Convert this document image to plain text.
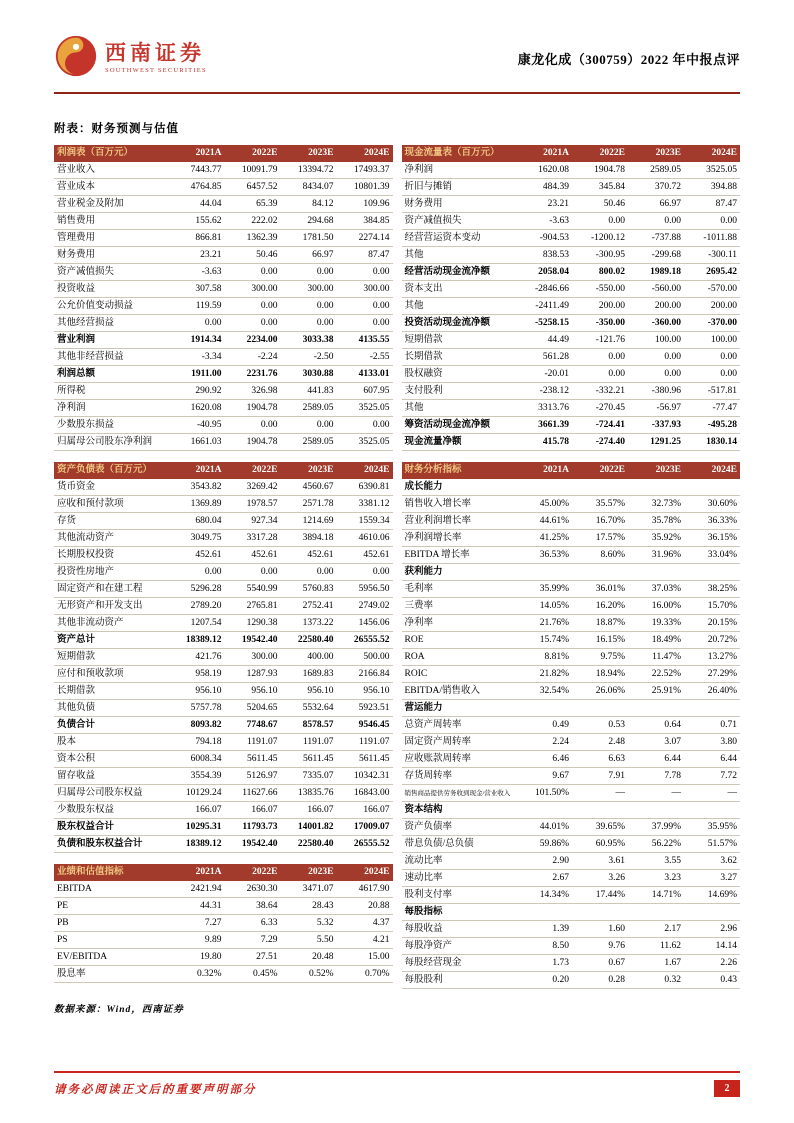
西南证券
SOUTHWEST SECURITIES
康龙化成（300759）2022 年中报点评
附表：财务预测与估值
利润表（百万元）	2021A	2022E	2023E	2024E
营业收入	7443.77	10091.79	13394.72	17493.37
营业成本	4764.85	6457.52	8434.07	10801.39
营业税金及附加	44.04	65.39	84.12	109.96
销售费用	155.62	222.02	294.68	384.85
管理费用	866.81	1362.39	1781.50	2274.14
财务费用	23.21	50.46	66.97	87.47
资产减值损失	-3.63	0.00	0.00	0.00
投资收益	307.58	300.00	300.00	300.00
公允价值变动损益	119.59	0.00	0.00	0.00
其他经营损益	0.00	0.00	0.00	0.00
营业利润	1914.34	2234.00	3033.38	4135.55
其他非经营损益	-3.34	-2.24	-2.50	-2.55
利润总额	1911.00	2231.76	3030.88	4133.01
所得税	290.92	326.98	441.83	607.95
净利润	1620.08	1904.78	2589.05	3525.05
少数股东损益	-40.95	0.00	0.00	0.00
归属母公司股东净利润	1661.03	1904.78	2589.05	3525.05
资产负债表（百万元）	2021A	2022E	2023E	2024E
货币资金	3543.82	3269.42	4560.67	6390.81
应收和预付款项	1369.89	1978.57	2571.78	3381.12
存货	680.04	927.34	1214.69	1559.34
其他流动资产	3049.75	3317.28	3894.18	4610.06
长期股权投资	452.61	452.61	452.61	452.61
投资性房地产	0.00	0.00	0.00	0.00
固定资产和在建工程	5296.28	5540.99	5760.83	5956.50
无形资产和开发支出	2789.20	2765.81	2752.41	2749.02
其他非流动资产	1207.54	1290.38	1373.22	1456.06
资产总计	18389.12	19542.40	22580.40	26555.52
短期借款	421.76	300.00	400.00	500.00
应付和预收款项	958.19	1287.93	1689.83	2166.84
长期借款	956.10	956.10	956.10	956.10
其他负债	5757.78	5204.65	5532.64	5923.51
负债合计	8093.82	7748.67	8578.57	9546.45
股本	794.18	1191.07	1191.07	1191.07
资本公积	6008.34	5611.45	5611.45	5611.45
留存收益	3554.39	5126.97	7335.07	10342.31
归属母公司股东权益	10129.24	11627.66	13835.76	16843.00
少数股东权益	166.07	166.07	166.07	166.07
股东权益合计	10295.31	11793.73	14001.82	17009.07
负债和股东权益合计	18389.12	19542.40	22580.40	26555.52
业绩和估值指标	2021A	2022E	2023E	2024E
EBITDA	2421.94	2630.30	3471.07	4617.90
PE	44.31	38.64	28.43	20.88
PB	7.27	6.33	5.32	4.37
PS	9.89	7.29	5.50	4.21
EV/EBITDA	19.80	27.51	20.48	15.00
股息率	0.32%	0.45%	0.52%	0.70%
现金流量表（百万元）	2021A	2022E	2023E	2024E
净利润	1620.08	1904.78	2589.05	3525.05
折旧与摊销	484.39	345.84	370.72	394.88
财务费用	23.21	50.46	66.97	87.47
资产减值损失	-3.63	0.00	0.00	0.00
经营营运资本变动	-904.53	-1200.12	-737.88	-1011.88
其他	838.53	-300.95	-299.68	-300.11
经营活动现金流净额	2058.04	800.02	1989.18	2695.42
资本支出	-2846.66	-550.00	-560.00	-570.00
其他	-2411.49	200.00	200.00	200.00
投资活动现金流净额	-5258.15	-350.00	-360.00	-370.00
短期借款	44.49	-121.76	100.00	100.00
长期借款	561.28	0.00	0.00	0.00
股权融资	-20.01	0.00	0.00	0.00
支付股利	-238.12	-332.21	-380.96	-517.81
其他	3313.76	-270.45	-56.97	-77.47
筹资活动现金流净额	3661.39	-724.41	-337.93	-495.28
现金流量净额	415.78	-274.40	1291.25	1830.14
财务分析指标	2021A	2022E	2023E	2024E
成长能力
销售收入增长率	45.00%	35.57%	32.73%	30.60%
营业利润增长率	44.61%	16.70%	35.78%	36.33%
净利润增长率	41.25%	17.57%	35.92%	36.15%
EBITDA 增长率	36.53%	8.60%	31.96%	33.04%
获利能力
毛利率	35.99%	36.01%	37.03%	38.25%
三费率	14.05%	16.20%	16.00%	15.70%
净利率	21.76%	18.87%	19.33%	20.15%
ROE	15.74%	16.15%	18.49%	20.72%
ROA	8.81%	9.75%	11.47%	13.27%
ROIC	21.82%	18.94%	22.52%	27.29%
EBITDA/销售收入	32.54%	26.06%	25.91%	26.40%
营运能力
总资产周转率	0.49	0.53	0.64	0.71
固定资产周转率	2.24	2.48	3.07	3.80
应收账款周转率	6.46	6.63	6.44	6.44
存货周转率	9.67	7.91	7.78	7.72
销售商品提供劳务收到现金/营业收入	101.50%	—	—	—
资本结构
资产负债率	44.01%	39.65%	37.99%	35.95%
带息负债/总负债	59.86%	60.95%	56.22%	51.57%
流动比率	2.90	3.61	3.55	3.62
速动比率	2.67	3.26	3.23	3.27
股利支付率	14.34%	17.44%	14.71%	14.69%
每股指标
每股收益	1.39	1.60	2.17	2.96
每股净资产	8.50	9.76	11.62	14.14
每股经营现金	1.73	0.67	1.67	2.26
每股股利	0.20	0.28	0.32	0.43
数据来源：Wind，西南证券
请务必阅读正文后的重要声明部分	2
